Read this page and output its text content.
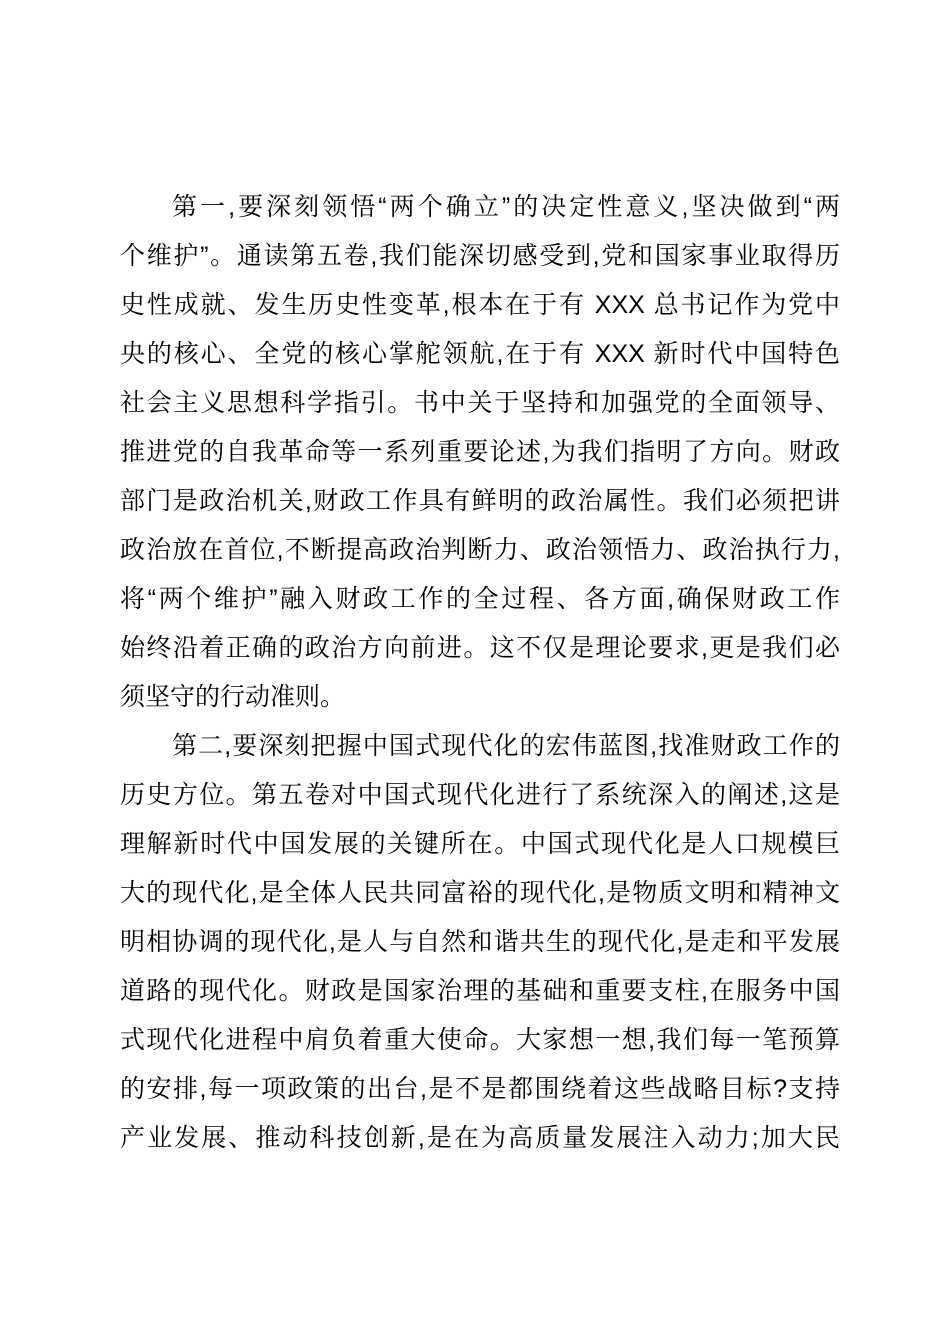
第一,要深刻领悟“两个确立”的决定性意义,坚决做到“两
个维护”。通读第五卷,我们能深切感受到,党和国家事业取得历
史性成就、发生历史性变革,根本在于有 XXX 总书记作为党中
央的核心、全党的核心掌舵领航,在于有 XXX 新时代中国特色
社会主义思想科学指引。书中关于坚持和加强党的全面领导、
推进党的自我革命等一系列重要论述,为我们指明了方向。财政
部门是政治机关,财政工作具有鲜明的政治属性。我们必须把讲
政治放在首位,不断提高政治判断力、政治领悟力、政治执行力,
将“两个维护”融入财政工作的全过程、各方面,确保财政工作
始终沿着正确的政治方向前进。这不仅是理论要求,更是我们必
须坚守的行动准则。
第二,要深刻把握中国式现代化的宏伟蓝图,找准财政工作的
历史方位。第五卷对中国式现代化进行了系统深入的阐述,这是
理解新时代中国发展的关键所在。中国式现代化是人口规模巨
大的现代化,是全体人民共同富裕的现代化,是物质文明和精神文
明相协调的现代化,是人与自然和谐共生的现代化,是走和平发展
道路的现代化。财政是国家治理的基础和重要支柱,在服务中国
式现代化进程中肩负着重大使命。大家想一想,我们每一笔预算
的安排,每一项政策的出台,是不是都围绕着这些战略目标?支持
产业发展、推动科技创新,是在为高质量发展注入动力;加大民
